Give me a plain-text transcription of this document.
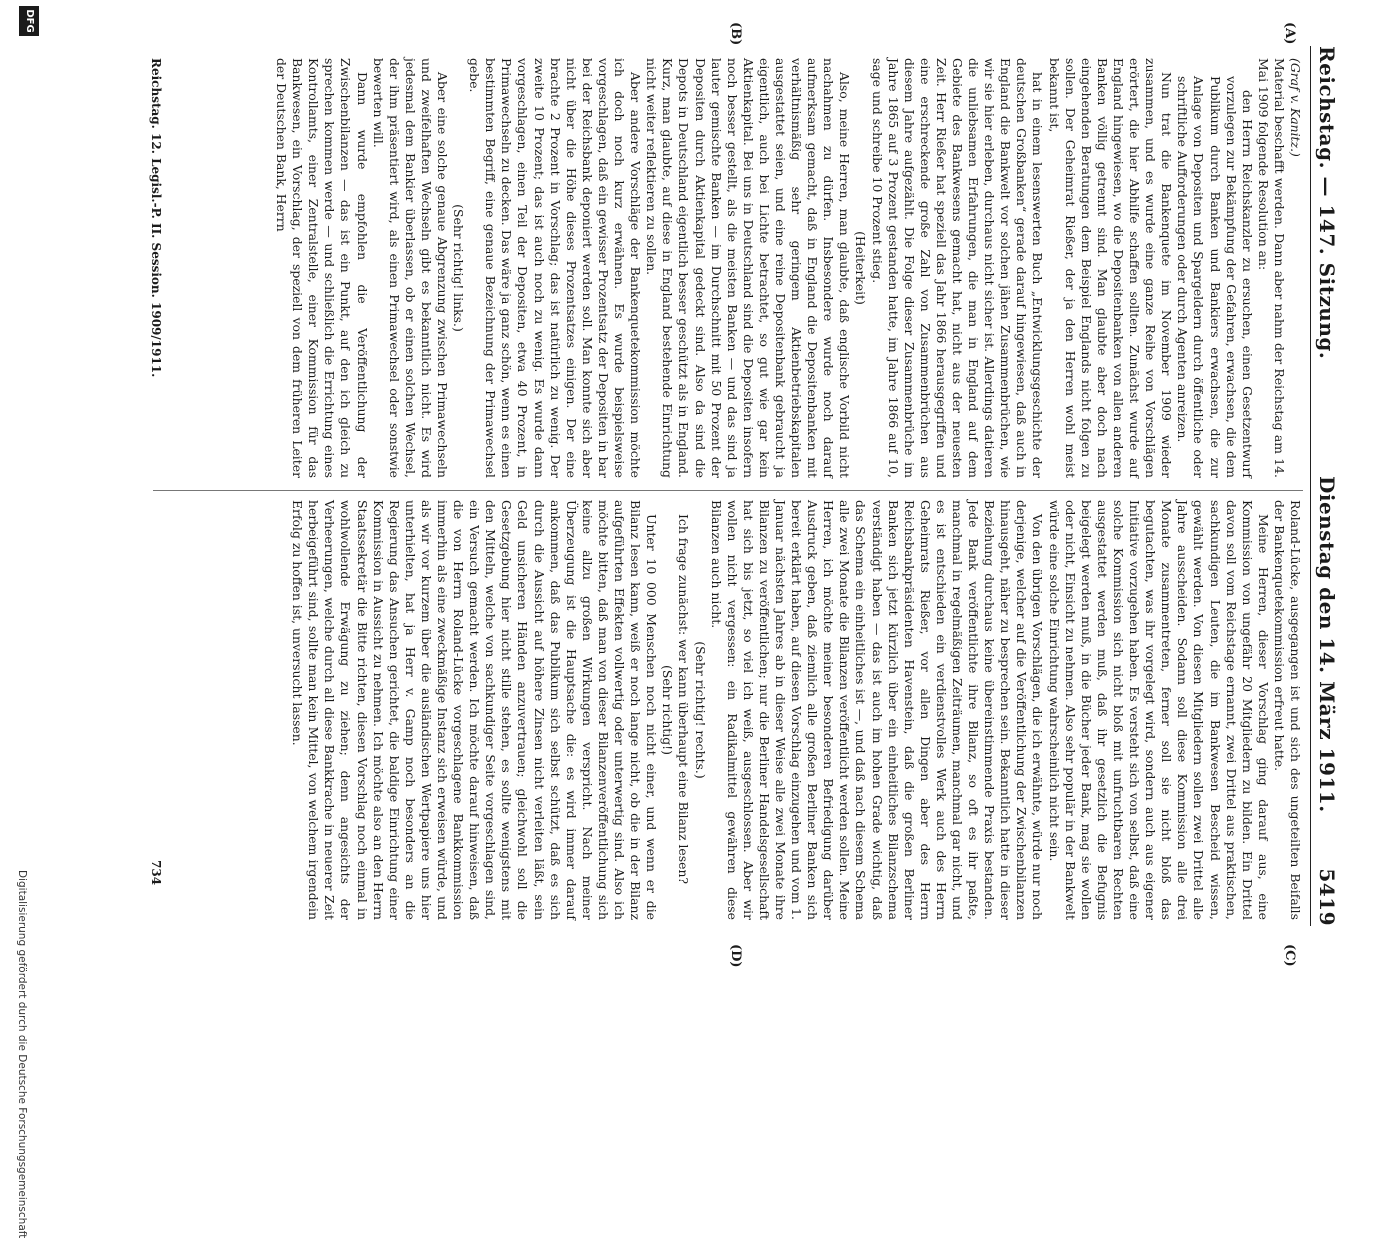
Reichstag. — 147. Sitzung.
Dienstag den 14. März 1911.
5419
(A)
(B)
(C)
(D)

(Graf v. Kanitz.)

Material beschafft werden. Dann aber nahm der Reichstag am 14. Mai 1909 folgende Resolution an:

den Herrn Reichskanzler zu ersuchen, einen Gesetzentwurf vorzulegen zur Bekämpfung der Gefahren, erwachsen, die dem Publikum durch Banken und Bankiers erwachsen, die zur Anlage von Depositen und Spargeldern durch öffentliche oder schriftliche Aufforderungen oder durch Agenten anreizen.

Nun trat die Bankenquete im November 1909 wieder zusammen, und es wurde eine ganze Reihe von Vorschlägen erörtert, die hier Abhilfe schaffen sollten. Zunächst wurde auf England hingewiesen, wo die Depositenbanken von allen anderen Banken völlig getrennt sind. Man glaubte aber doch nach eingehenden Beratungen dem Beispiel Englands nicht folgen zu sollen. Der Geheimrat Rießer, der ja den Herren wohl meist bekannt ist,

hat in einem lesenswerten Buch „Entwicklungsgeschichte der deutschen Großbanken“ gerade darauf hingewiesen, daß auch in England die Bankwelt vor solchen jähen Zusammenbrüchen, wie wir sie hier erleben, durchaus nicht sicher ist. Allerdings datieren die unliebsamen Erfahrungen, die man in England auf dem Gebiete des Bankwesens gemacht hat, nicht aus der neuesten Zeit. Herr Rießer hat speziell das Jahr 1866 herausgegriffen und eine erschreckende große Zahl von Zusammenbrüchen aus diesem Jahre aufgezählt. Die Folge dieser Zusammenbrüche im Jahre 1865 auf 3 Prozent gestanden hatte, im Jahre 1866 auf 10, sage und schreibe 10 Prozent stieg.

(Heiterkeit)

Also, meine Herren, man glaubte, daß englische Vorbild nicht nachahmen zu dürfen. Insbesondere wurde noch darauf aufmerksam gemacht, daß in England die Depositenbanken mit verhältnismäßig sehr geringem Aktienbetriebskapitalen ausgestattet seien, und eine reine Depositenbank gebraucht ja eigentlich, auch bei Lichte betrachtet, so gut wie gar kein Aktienkapital. Bei uns in Deutschland sind die Depositen insofern noch besser gestellt, als die meisten Banken — und das sind ja lauter gemischte Banken — im Durchschnitt mit 50 Prozent der Depositen durch Aktienkapital gedeckt sind. Also da sind die Depots in Deutschland eigentlich besser geschützt als in England. Kurz, man glaubte, auf diese in England bestehende Einrichtung nicht weiter reflektieren zu sollen.

Aber andere Vorschläge der Bankenquetekommission möchte ich doch noch kurz erwähnen. Es wurde beispielsweise vorgeschlagen, daß ein gewisser Prozentsatz der Depositen in bar bei der Reichsbank deponiert werden soll. Man konnte sich aber nicht über die Höhe dieses Prozentsatzes einigen. Der eine brachte 2 Prozent in Vorschlag; das ist natürlich zu wenig. Der zweite 10 Prozent; das ist auch noch zu wenig. Es wurde dann vorgeschlagen, einen Teil der Depositen, etwa 40 Prozent, in Primawechseln zu decken. Das wäre ja ganz schön, wenn es einen bestimmten Begriff, eine genaue Bezeichnung der Primawechsel gebe.

(Sehr richtig! links.)

Aber eine solche genaue Abgrenzung zwischen Primawechseln und zweifelhaften Wechseln gibt es bekanntlich nicht. Es wird jedesmal dem Bankier überlassen, ob er einen solchen Wechsel, der ihm präsentiert wird, als einen Primawechsel oder sonstwie bewerten will.

Dann wurde empfohlen die Veröffentlichung der Zwischenbilanzen — das ist ein Punkt, auf den ich gleich zu sprechen kommen werde — und schließlich die Errichtung eines Kontrollamts, einer Zentralstelle, einer Kommission für das Bankwesen, ein Vorschlag, der speziell von dem früheren Leiter der Deutschen Bank, Herrn

Roland-Lücke, ausgegangen ist und sich des ungeteilten Beifalls der Bankenquetekommission erfreut hatte.

Meine Herren, dieser Vorschlag ging darauf aus, eine Kommission von ungefähr 20 Mitgliedern zu bilden. Ein Drittel davon soll vom Reichstage ernannt, zwei Drittel aus praktischen, sachkundigen Leuten, die im Bankwesen Bescheid wissen, gewählt werden. Von diesen Mitgliedern sollen zwei Drittel alle Jahre ausscheiden. Sodann soll diese Kommission alle drei Monate zusammentreten, ferner soll sie nicht bloß das begutachten, was ihr vorgelegt wird, sondern auch aus eigener Initiative vorzugehen haben. Es versteht sich von selbst, daß eine solche Kommission sich nicht bloß mit unfruchtbaren Rechten ausgestattet werden muß, daß ihr gesetzlich die Befugnis beigelegt werden muß, in die Bücher jeder Bank, mag sie wollen oder nicht, Einsicht zu nehmen. Also sehr populär in der Bankwelt würde eine solche Einrichtung wahrscheinlich nicht sein.

Von den übrigen Vorschlägen, die ich erwähnte, würde nur noch derjenige, welcher auf die Veröffentlichung der Zwischenbilanzen hinausgeht, näher zu besprechen sein. Bekanntlich hatte in dieser Beziehung durchaus keine übereinstimmende Praxis bestanden. Jede Bank veröffentlichte ihre Bilanz, so oft es ihr paßte, manchmal in regelmäßigen Zeiträumen, manchmal gar nicht, und es ist entschieden ein verdienstvolles Werk auch des Herrn Geheimrats Rießer, vor allen Dingen aber des Herrn Reichsbankpräsidenten Havenstein, daß die großen Berliner Banken sich jetzt kürzlich über ein einheitliches Bilanzschema verständigt haben — das ist auch im hohen Grade wichtig, daß das Schema ein einheitliches ist —, und daß nach diesem Schema alle zwei Monate die Bilanzen veröffentlicht werden sollen. Meine Herren, ich möchte meiner besonderen Befriedigung darüber Ausdruck geben, daß ziemlich alle großen Berliner Banken sich bereit erklärt haben, auf diesen Vorschlag einzugehen und vom 1. Januar nächsten Jahres ab in dieser Weise alle zwei Monate ihre Bilanzen zu veröffentlichen; nur die Berliner Handelsgesellschaft hat sich bis jetzt, so viel ich weiß, ausgeschlossen. Aber wir wollen nicht vergessen: ein Radikalmittel gewähren diese Bilanzen auch nicht.

(Sehr richtig! rechts.)

Ich frage zunächst: wer kann überhaupt eine Bilanz lesen?

(Sehr richtig!)

Unter 10 000 Menschen noch nicht einer, und wenn er die Bilanz lesen kann, weiß er noch lange nicht, ob die in der Bilanz aufgeführten Effekten vollwertig oder unterwertig sind. Also ich möchte bitten, daß man von dieser Bilanzenveröffentlichung sich keine allzu großen Wirkungen verspricht. Nach meiner Überzeugung ist die Hauptsache die: es wird immer darauf ankommen, daß das Publikum sich selbst schützt, daß es sich durch die Aussicht auf höhere Zinsen nicht verleiten läßt, sein Geld unsicheren Händen anzuvertrauen; gleichwohl soll die Gesetzgebung hier nicht stille stehen, es sollte wenigstens mit den Mitteln, welche von sachkundiger Seite vorgeschlagen sind, ein Versuch gemacht werden. Ich möchte darauf hinweisen, daß die von Herrn Roland-Lücke vorgeschlagene Bankkommission immerhin als eine zweckmäßige Instanz sich erweisen würde, und als wir vor kurzem über die ausländischen Wertpapiere uns hier unterhielten, hat ja Herr v. Gamp noch besonders an die Regierung das Ansuchen gerichtet, die baldige Einrichtung einer Kommission in Aussicht zu nehmen. Ich möchte also an den Herrn Staatssekretär die Bitte richten, diesen Vorschlag noch einmal in wohlwollende Erwägung zu ziehen; denn angesichts der Verheerungen, welche durch all diese Bankkrache in neuerer Zeit herbeigeführt sind, sollte man kein Mittel, von welchem irgendein Erfolg zu hoffen ist, unversucht lassen.

Reichstag. 12. Legisl.-P. II. Session. 1909/1911.
734
Digitalisierung gefördert durch die Deutsche Forschungsgemeinschaft
DFG
